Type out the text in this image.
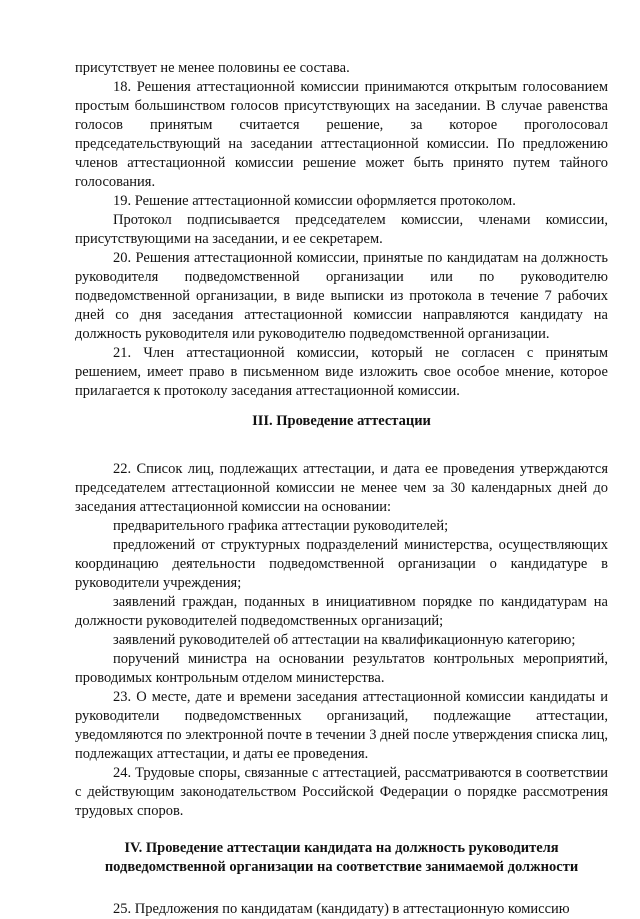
присутствует не менее половины ее состава.

18. Решения аттестационной комиссии принимаются открытым голосованием простым большинством голосов присутствующих на заседании. В случае равенства голосов принятым считается решение, за которое проголосовал председательствующий на заседании аттестационной комиссии. По предложению членов аттестационной комиссии решение может быть принято путем тайного голосования.

19. Решение аттестационной комиссии оформляется протоколом.

Протокол подписывается председателем комиссии, членами комиссии, присутствующими на заседании, и ее секретарем.

20. Решения аттестационной комиссии, принятые по кандидатам на должность руководителя подведомственной организации или по руководителю подведомственной организации, в виде выписки из протокола в течение 7 рабочих дней со дня заседания аттестационной комиссии направляются кандидату на должность руководителя или руководителю подведомственной организации.

21. Член аттестационной комиссии, который не согласен с принятым решением, имеет право в письменном виде изложить свое особое мнение, которое прилагается к протоколу заседания аттестационной комиссии.

III. Проведение аттестации

22. Список лиц, подлежащих аттестации, и дата ее проведения утверждаются председателем аттестационной комиссии не менее чем за 30 календарных дней до заседания аттестационной комиссии на основании:

предварительного графика аттестации руководителей;

предложений от структурных подразделений министерства, осуществляющих координацию деятельности подведомственной организации о кандидатуре в руководители учреждения;

заявлений граждан, поданных в инициативном порядке по кандидатурам на должности руководителей подведомственных организаций;

заявлений руководителей об аттестации на квалификационную категорию;

поручений министра на основании результатов контрольных мероприятий, проводимых контрольным отделом министерства.

23. О месте, дате и времени заседания аттестационной комиссии кандидаты и руководители подведомственных организаций, подлежащие аттестации, уведомляются по электронной почте в течении 3 дней после утверждения списка лиц, подлежащих аттестации, и даты ее проведения.

24. Трудовые споры, связанные с аттестацией, рассматриваются в соответствии с действующим законодательством Российской Федерации о порядке рассмотрения трудовых споров.

IV. Проведение аттестации кандидата на должность руководителя
подведомственной организации на соответствие занимаемой должности

25. Предложения по кандидатам (кандидату) в аттестационную комиссию
